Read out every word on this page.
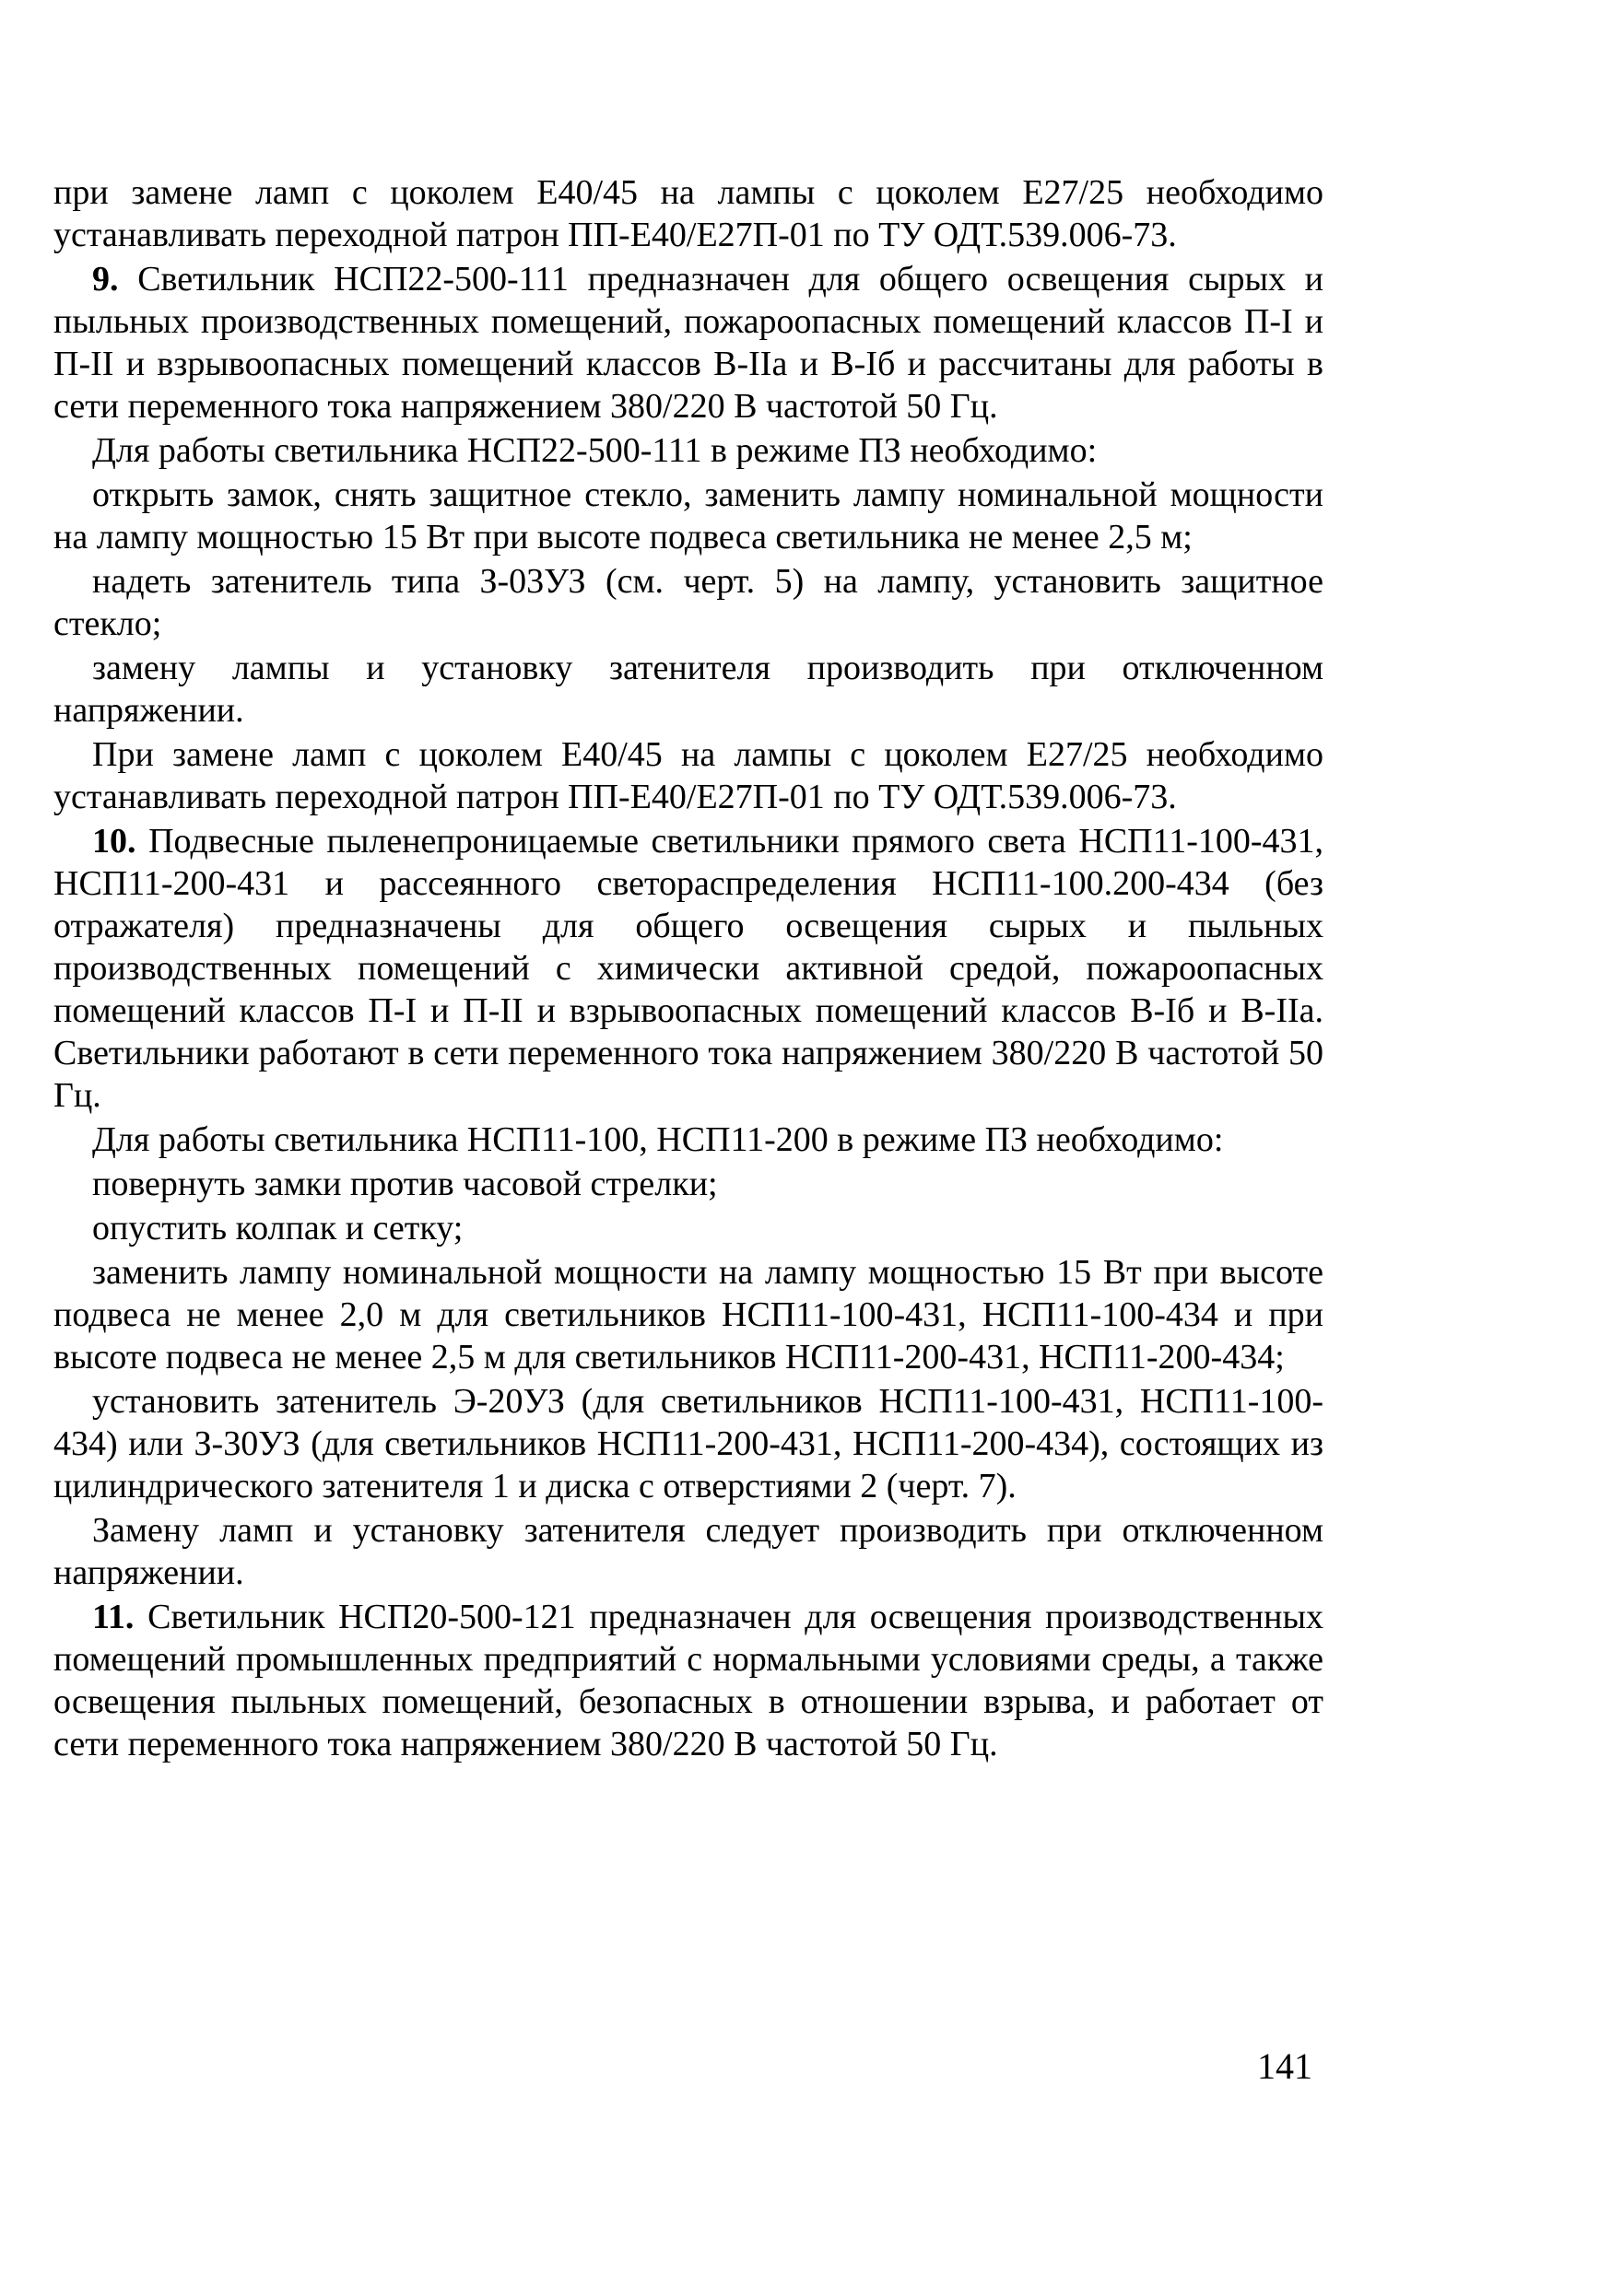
при замене ламп с цоколем Е40/45 на лампы с цоколем Е27/25 необходимо устанавливать переходной патрон ПП-Е40/Е27П-01 по ТУ ОДТ.539.006-73.

9. Светильник НСП22-500-111 предназначен для общего освещения сырых и пыльных производственных помещений, пожароопасных помещений классов П-I и П-II и взрывоопасных помещений классов В-IIа и В-Iб и рассчитаны для работы в сети переменного тока напряжением 380/220 В частотой 50 Гц.

Для работы светильника НСП22-500-111 в режиме ПЗ необходимо:

открыть замок, снять защитное стекло, заменить лампу номинальной мощности на лампу мощностью 15 Вт при высоте подвеса светильника не менее 2,5 м;

надеть затенитель типа З-03УЗ (см. черт. 5) на лампу, установить защитное стекло;

замену лампы и установку затенителя производить при отключенном напряжении.

При замене ламп с цоколем Е40/45 на лампы с цоколем Е27/25 необходимо устанавливать переходной патрон ПП-Е40/Е27П-01 по ТУ ОДТ.539.006-73.

10. Подвесные пыленепроницаемые светильники прямого света НСП11-100-431, НСП11-200-431 и рассеянного светораспределения НСП11-100.200-434 (без отражателя) предназначены для общего освещения сырых и пыльных производственных помещений с химически активной средой, пожароопасных помещений классов П-I и П-II и взрывоопасных помещений классов В-Iб и В-IIа. Светильники работают в сети переменного тока напряжением 380/220 В частотой 50 Гц.

Для работы светильника НСП11-100, НСП11-200 в режиме ПЗ необходимо:

повернуть замки против часовой стрелки;

опустить колпак и сетку;

заменить лампу номинальной мощности на лампу мощностью 15 Вт при высоте подвеса не менее 2,0 м для светильников НСП11-100-431, НСП11-100-434 и при высоте подвеса не менее 2,5 м для светильников НСП11-200-431, НСП11-200-434;

установить затенитель Э-20УЗ (для светильников НСП11-100-431, НСП11-100-434) или З-30УЗ (для светильников НСП11-200-431, НСП11-200-434), состоящих из цилиндрического затенителя 1 и диска с отверстиями 2 (черт. 7).

Замену ламп и установку затенителя следует производить при отключенном напряжении.

11. Светильник НСП20-500-121 предназначен для освещения производственных помещений промышленных предприятий с нормальными условиями среды, а также освещения пыльных помещений, безопасных в отношении взрыва, и работает от сети переменного тока напряжением 380/220 В частотой 50 Гц.

141
